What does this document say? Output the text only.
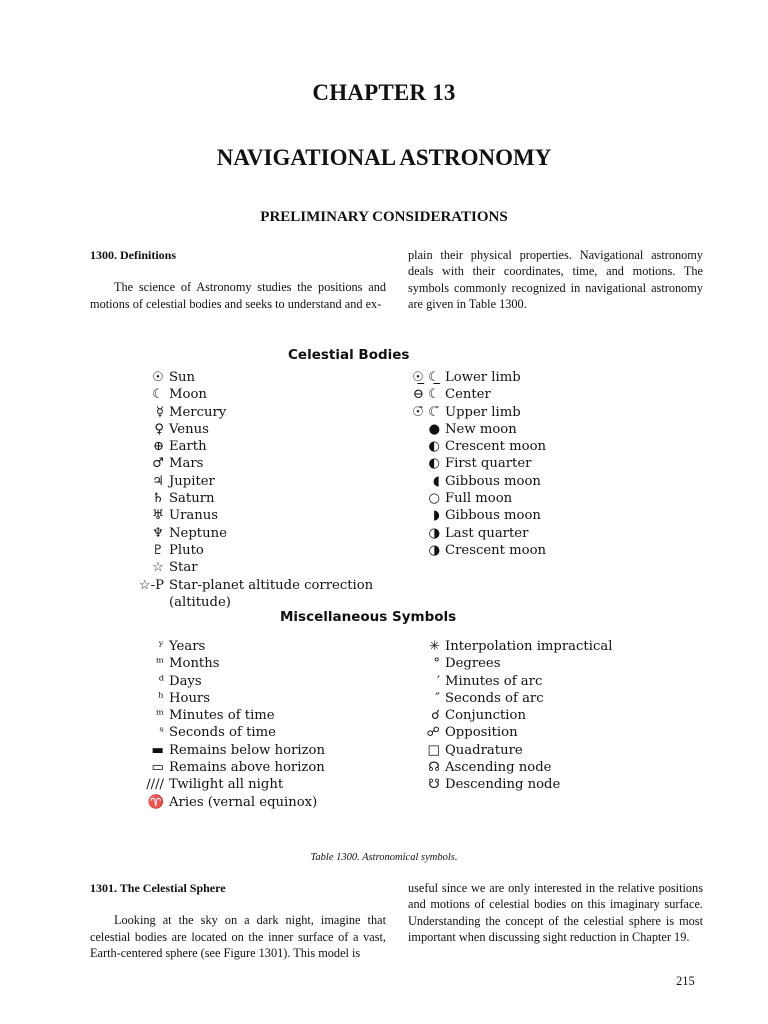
CHAPTER 13
NAVIGATIONAL ASTRONOMY
PRELIMINARY CONSIDERATIONS

1300. Definitions

The science of Astronomy studies the positions and motions of celestial bodies and seeks to understand and ex-

plain their physical properties. Navigational astronomy deals with their coordinates, time, and motions. The symbols commonly recognized in navigational astronomy are given in Table 1300.

Celestial Bodies
☉ Sun
☾ Moon
☿ Mercury
♀ Venus
⊕ Earth
♂ Mars
♃ Jupiter
♄ Saturn
♅ Uranus
♆ Neptune
♇ Pluto
☆ Star
☆-P Star-planet altitude correction (altitude)
☉̲ ☾̲ Lower limb
⊖ ☾ Center
☉̄ ☾̄ Upper limb
● New moon
◐ Crescent moon
◐ First quarter
◖ Gibbous moon
○ Full moon
◗ Gibbous moon
◑ Last quarter
◑ Crescent moon
Miscellaneous Symbols
ʸ Years
ᵐ Months
ᵈ Days
ʰ Hours
ᵐ Minutes of time
ˢ Seconds of time
▬ Remains below horizon
▭ Remains above horizon
//// Twilight all night
♈ Aries (vernal equinox)
✳ Interpolation impractical
° Degrees
′ Minutes of arc
″ Seconds of arc
☌ Conjunction
☍ Opposition
□ Quadrature
☊ Ascending node
☋ Descending node
Table 1300. Astronomical symbols.

1301. The Celestial Sphere

Looking at the sky on a dark night, imagine that celestial bodies are located on the inner surface of a vast, Earth-centered sphere (see Figure 1301). This model is

useful since we are only interested in the relative positions and motions of celestial bodies on this imaginary surface. Understanding the concept of the celestial sphere is most important when discussing sight reduction in Chapter 19.

215
